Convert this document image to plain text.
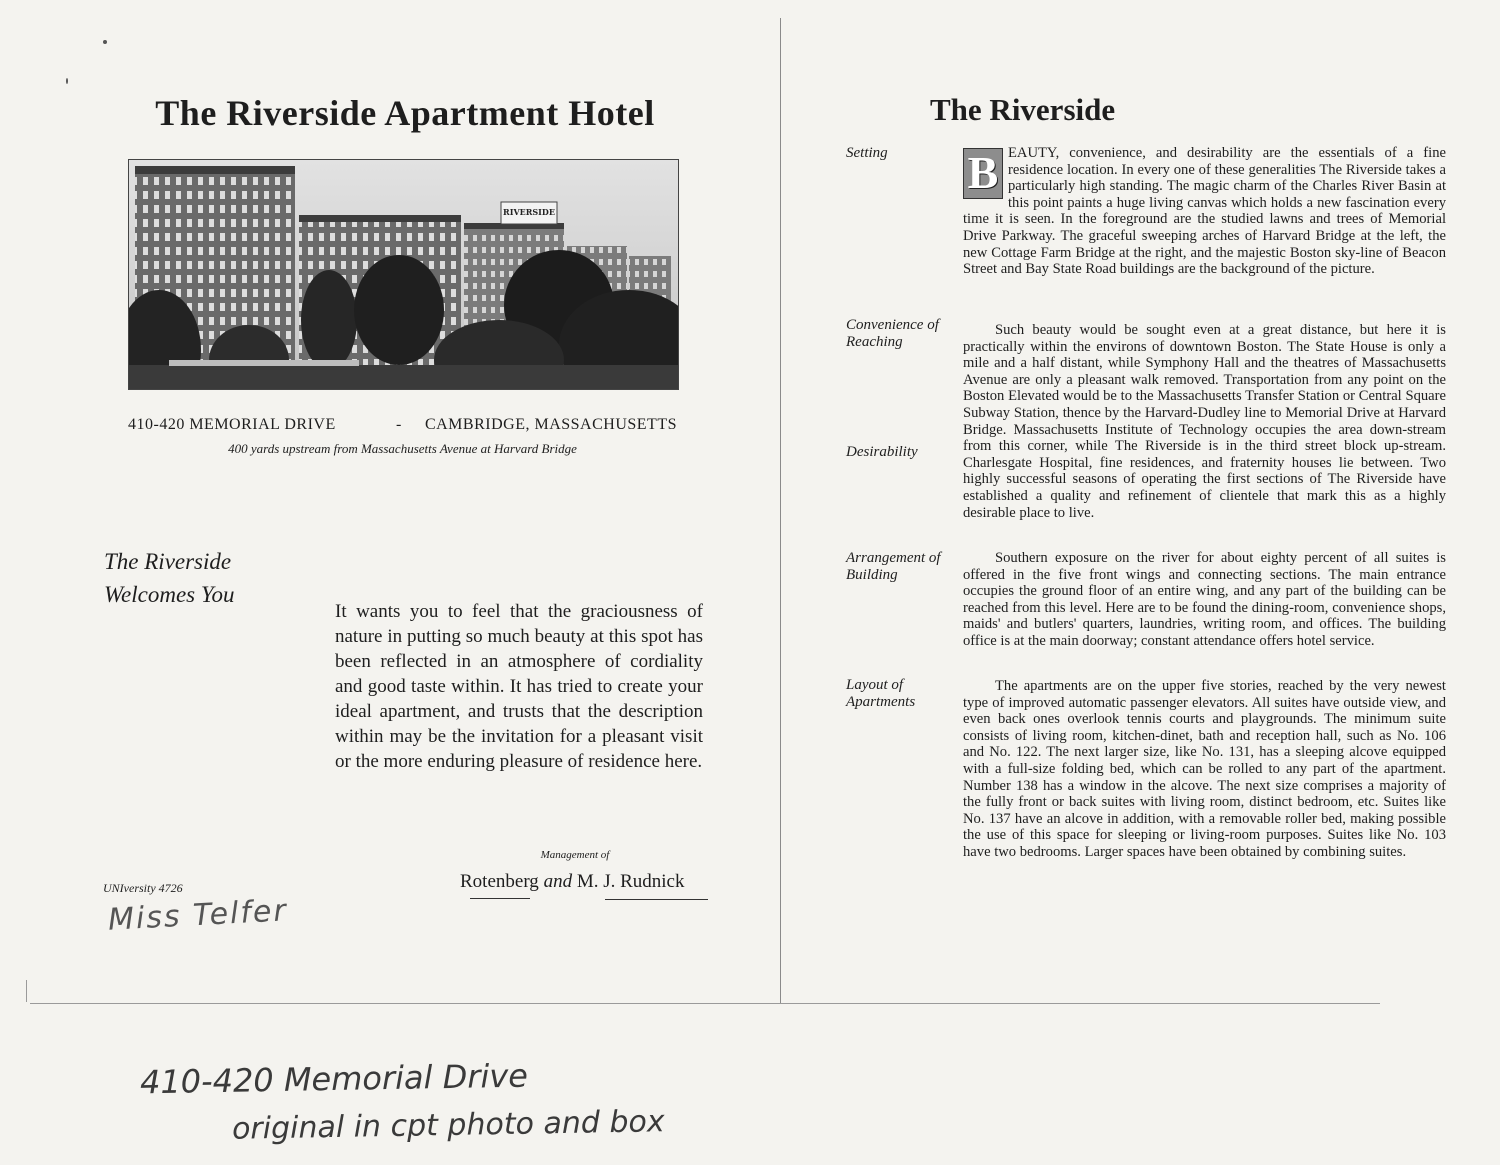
The Riverside Apartment Hotel
RIVERSIDE
410-420 MEMORIAL DRIVE	- CAMBRIDGE, MASSACHUSETTS
400 yards upstream from Massachusetts Avenue at Harvard Bridge
The Riverside
Welcomes You
It wants you to feel that the graciousness of nature in putting so much beauty at this spot has been reflected in an atmosphere of cordiality and good taste within. It has tried to create your ideal apartment, and trusts that the description within may be the invitation for a pleasant visit or the more enduring pleasure of residence here.
Management of
Rotenberg and M. J. Rudnick
UNIversity 4726
Miss Telfer
The Riverside
Setting B EAUTY, convenience, and desirability are the essentials of a fine residence location. In every one of these generalities The Riverside takes a particularly high standing. The magic charm of the Charles River Basin at this point paints a huge living canvas which holds a new fascination every time it is seen. In the foreground are the studied lawns and trees of Memorial Drive Parkway. The graceful sweeping arches of Harvard Bridge at the left, the new Cottage Farm Bridge at the right, and the majestic Boston sky-line of Beacon Street and Bay State Road buildings are the background of the picture.
Convenience of Reaching
Desirability

Such beauty would be sought even at a great distance, but here it is practically within the environs of downtown Boston. The State House is only a mile and a half distant, while Symphony Hall and the theatres of Massachusetts Avenue are only a pleasant walk removed. Transportation from any point on the Boston Elevated would be to the Massachusetts Transfer Station or Central Square Subway Station, thence by the Harvard-Dudley line to Memorial Drive at Harvard Bridge. Massachusetts Institute of Technology occupies the area down-stream from this corner, while The Riverside is in the third street block up-stream. Charlesgate Hospital, fine residences, and fraternity houses lie between. Two highly successful seasons of operating the first sections of The Riverside have established a quality and refinement of clientele that mark this as a highly desirable place to live.

Arrangement of Building

Southern exposure on the river for about eighty percent of all suites is offered in the five front wings and connecting sections. The main entrance occupies the ground floor of an entire wing, and any part of the building can be reached from this level. Here are to be found the dining-room, convenience shops, maids' and butlers' quarters, laundries, writing room, and offices. The building office is at the main doorway; constant attendance offers hotel service.

Layout of Apartments

The apartments are on the upper five stories, reached by the very newest type of improved automatic passenger elevators. All suites have outside view, and even back ones overlook tennis courts and playgrounds. The minimum suite consists of living room, kitchen-dinet, bath and reception hall, such as No. 106 and No. 122. The next larger size, like No. 131, has a sleeping alcove equipped with a full-size folding bed, which can be rolled to any part of the apartment. Number 138 has a window in the alcove. The next size comprises a majority of the fully front or back suites with living room, distinct bedroom, etc. Suites like No. 137 have an alcove in addition, with a removable roller bed, making possible the use of this space for sleeping or living-room purposes. Suites like No. 103 have two bedrooms. Larger spaces have been obtained by combining suites.

410-420 Memorial Drive
original in cpt photo and box
